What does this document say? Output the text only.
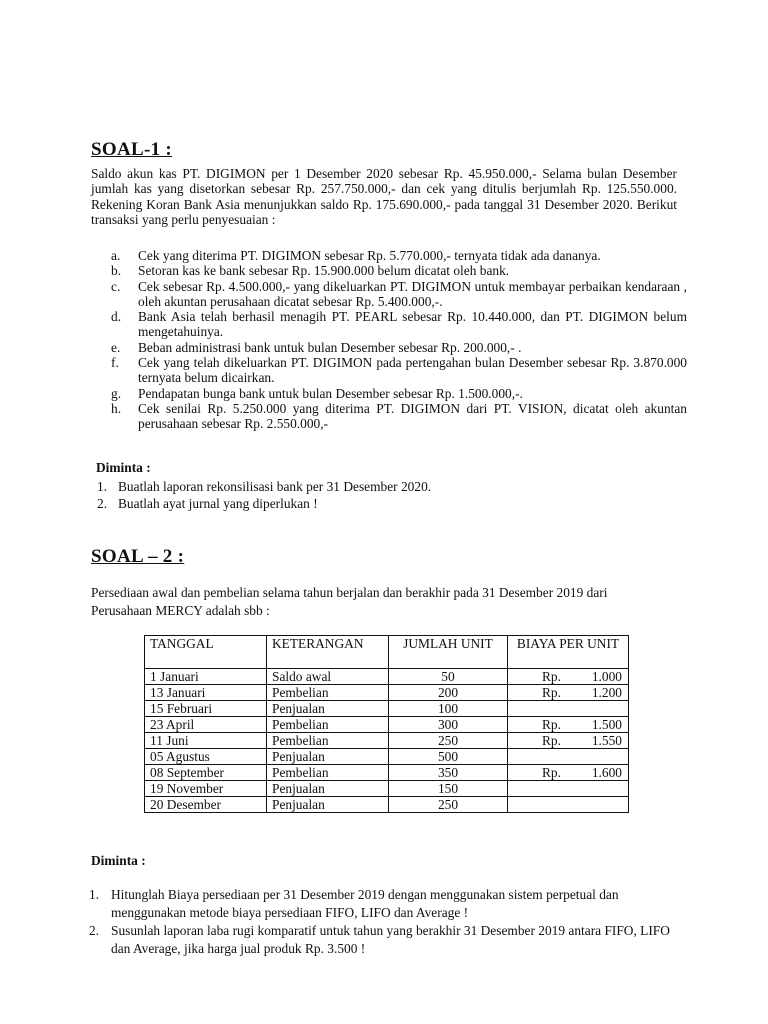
SOAL-1 :
Saldo akun kas PT. DIGIMON per 1 Desember 2020 sebesar Rp. 45.950.000,- Selama bulan Desember jumlah kas yang disetorkan sebesar Rp. 257.750.000,- dan cek yang ditulis berjumlah Rp. 125.550.000. Rekening Koran Bank Asia menunjukkan saldo Rp. 175.690.000,- pada tanggal 31 Desember 2020. Berikut transaksi yang perlu penyesuaian :
a. Cek yang diterima PT. DIGIMON sebesar Rp. 5.770.000,- ternyata tidak ada dananya.
b. Setoran kas ke bank sebesar Rp. 15.900.000 belum dicatat oleh bank.
c. Cek sebesar Rp. 4.500.000,- yang dikeluarkan PT. DIGIMON untuk membayar perbaikan kendaraan , oleh akuntan perusahaan dicatat sebesar Rp. 5.400.000,-.
d. Bank Asia telah berhasil menagih PT. PEARL sebesar Rp. 10.440.000, dan PT. DIGIMON belum mengetahuinya.
e. Beban administrasi bank untuk bulan Desember sebesar Rp. 200.000,- .
f. Cek yang telah dikeluarkan PT. DIGIMON pada pertengahan bulan Desember sebesar Rp. 3.870.000 ternyata belum dicairkan.
g. Pendapatan bunga bank untuk bulan Desember sebesar Rp. 1.500.000,-.
h. Cek senilai Rp. 5.250.000 yang diterima PT. DIGIMON dari PT. VISION, dicatat oleh akuntan perusahaan sebesar Rp. 2.550.000,-
Diminta :
1. Buatlah laporan rekonsilisasi bank per 31 Desember 2020.
2. Buatlah ayat jurnal yang diperlukan !
SOAL – 2 :
Persediaan awal dan pembelian selama tahun berjalan dan berakhir pada 31 Desember 2019 dari Perusahaan MERCY adalah sbb :
TANGGAL	KETERANGAN	JUMLAH UNIT	BIAYA PER UNIT
1 Januari	Saldo awal	50	Rp. 1.000
13 Januari	Pembelian	200	Rp. 1.200
15 Februari	Penjualan	100	
23 April	Pembelian	300	Rp. 1.500
11 Juni	Pembelian	250	Rp. 1.550
05 Agustus	Penjualan	500	
08 September	Pembelian	350	Rp. 1.600
19 November	Penjualan	150	
20 Desember	Penjualan	250	
Diminta :
1. Hitunglah Biaya persediaan per 31 Desember 2019 dengan menggunakan sistem perpetual dan menggunakan metode biaya persediaan FIFO, LIFO dan Average !
2. Susunlah laporan laba rugi komparatif untuk tahun yang berakhir 31 Desember 2019 antara FIFO, LIFO dan Average, jika harga jual produk Rp. 3.500 !
